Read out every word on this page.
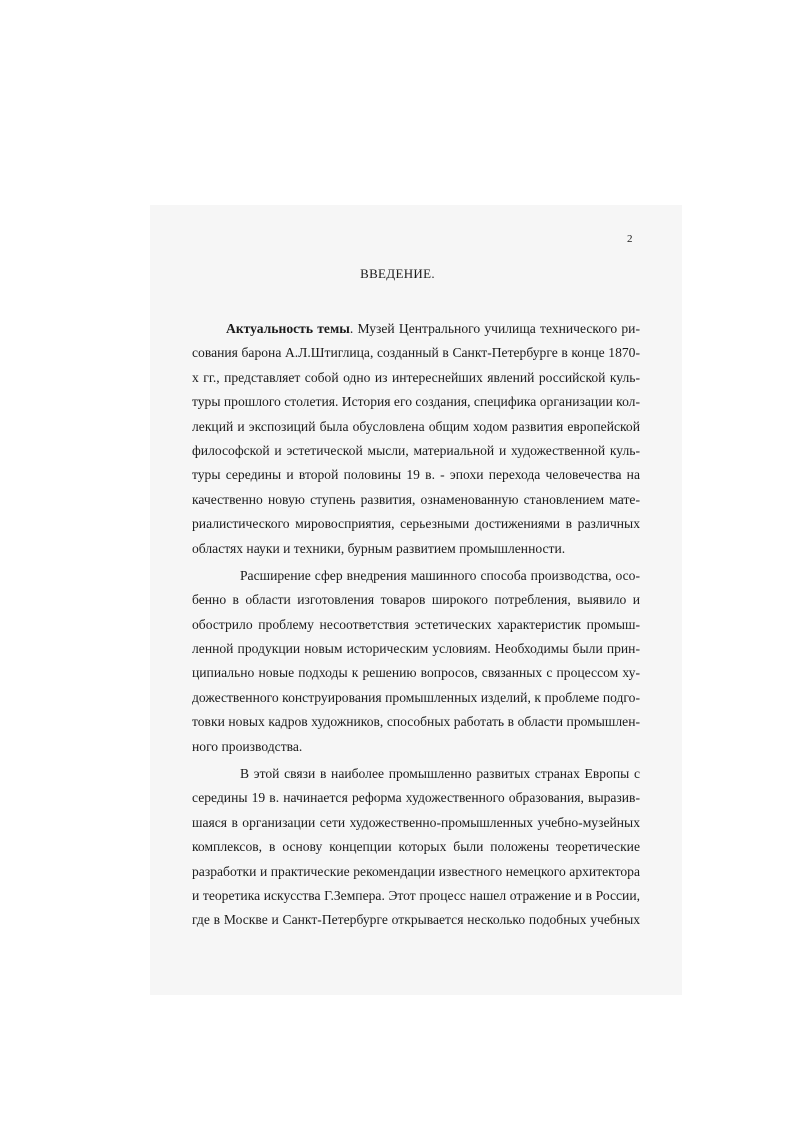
2
ВВЕДЕНИЕ.
Актуальность темы. Музей Центрального училища технического ри-
сования барона А.Л.Штиглица, созданный в Санкт-Петербурге в конце 1870-
х гг., представляет собой одно из интереснейших явлений российской куль-
туры прошлого столетия. История его создания, специфика организации кол-
лекций и экспозиций была обусловлена общим ходом развития европейской
философской и эстетической мысли, материальной и художественной куль-
туры середины и второй половины 19 в. - эпохи перехода человечества на
качественно новую ступень развития, ознаменованную становлением мате-
риалистического мировосприятия, серьезными достижениями в различных
областях науки и техники, бурным развитием промышленности.
Расширение сфер внедрения машинного способа производства, осо-
бенно в области изготовления товаров широкого потребления, выявило и
обострило проблему несоответствия эстетических характеристик промыш-
ленной продукции новым историческим условиям. Необходимы были прин-
ципиально новые подходы к решению вопросов, связанных с процессом ху-
дожественного конструирования промышленных изделий, к проблеме подго-
товки новых кадров художников, способных работать в области промышлен-
ного производства.
В этой связи в наиболее промышленно развитых странах Европы с
середины 19 в. начинается реформа художественного образования, выразив-
шаяся в организации сети художественно-промышленных учебно-музейных
комплексов, в основу концепции которых были положены теоретические
разработки и практические рекомендации известного немецкого архитектора
и теоретика искусства Г.Земпера. Этот процесс нашел отражение и в России,
где в Москве и Санкт-Петербурге открывается несколько подобных учебных
